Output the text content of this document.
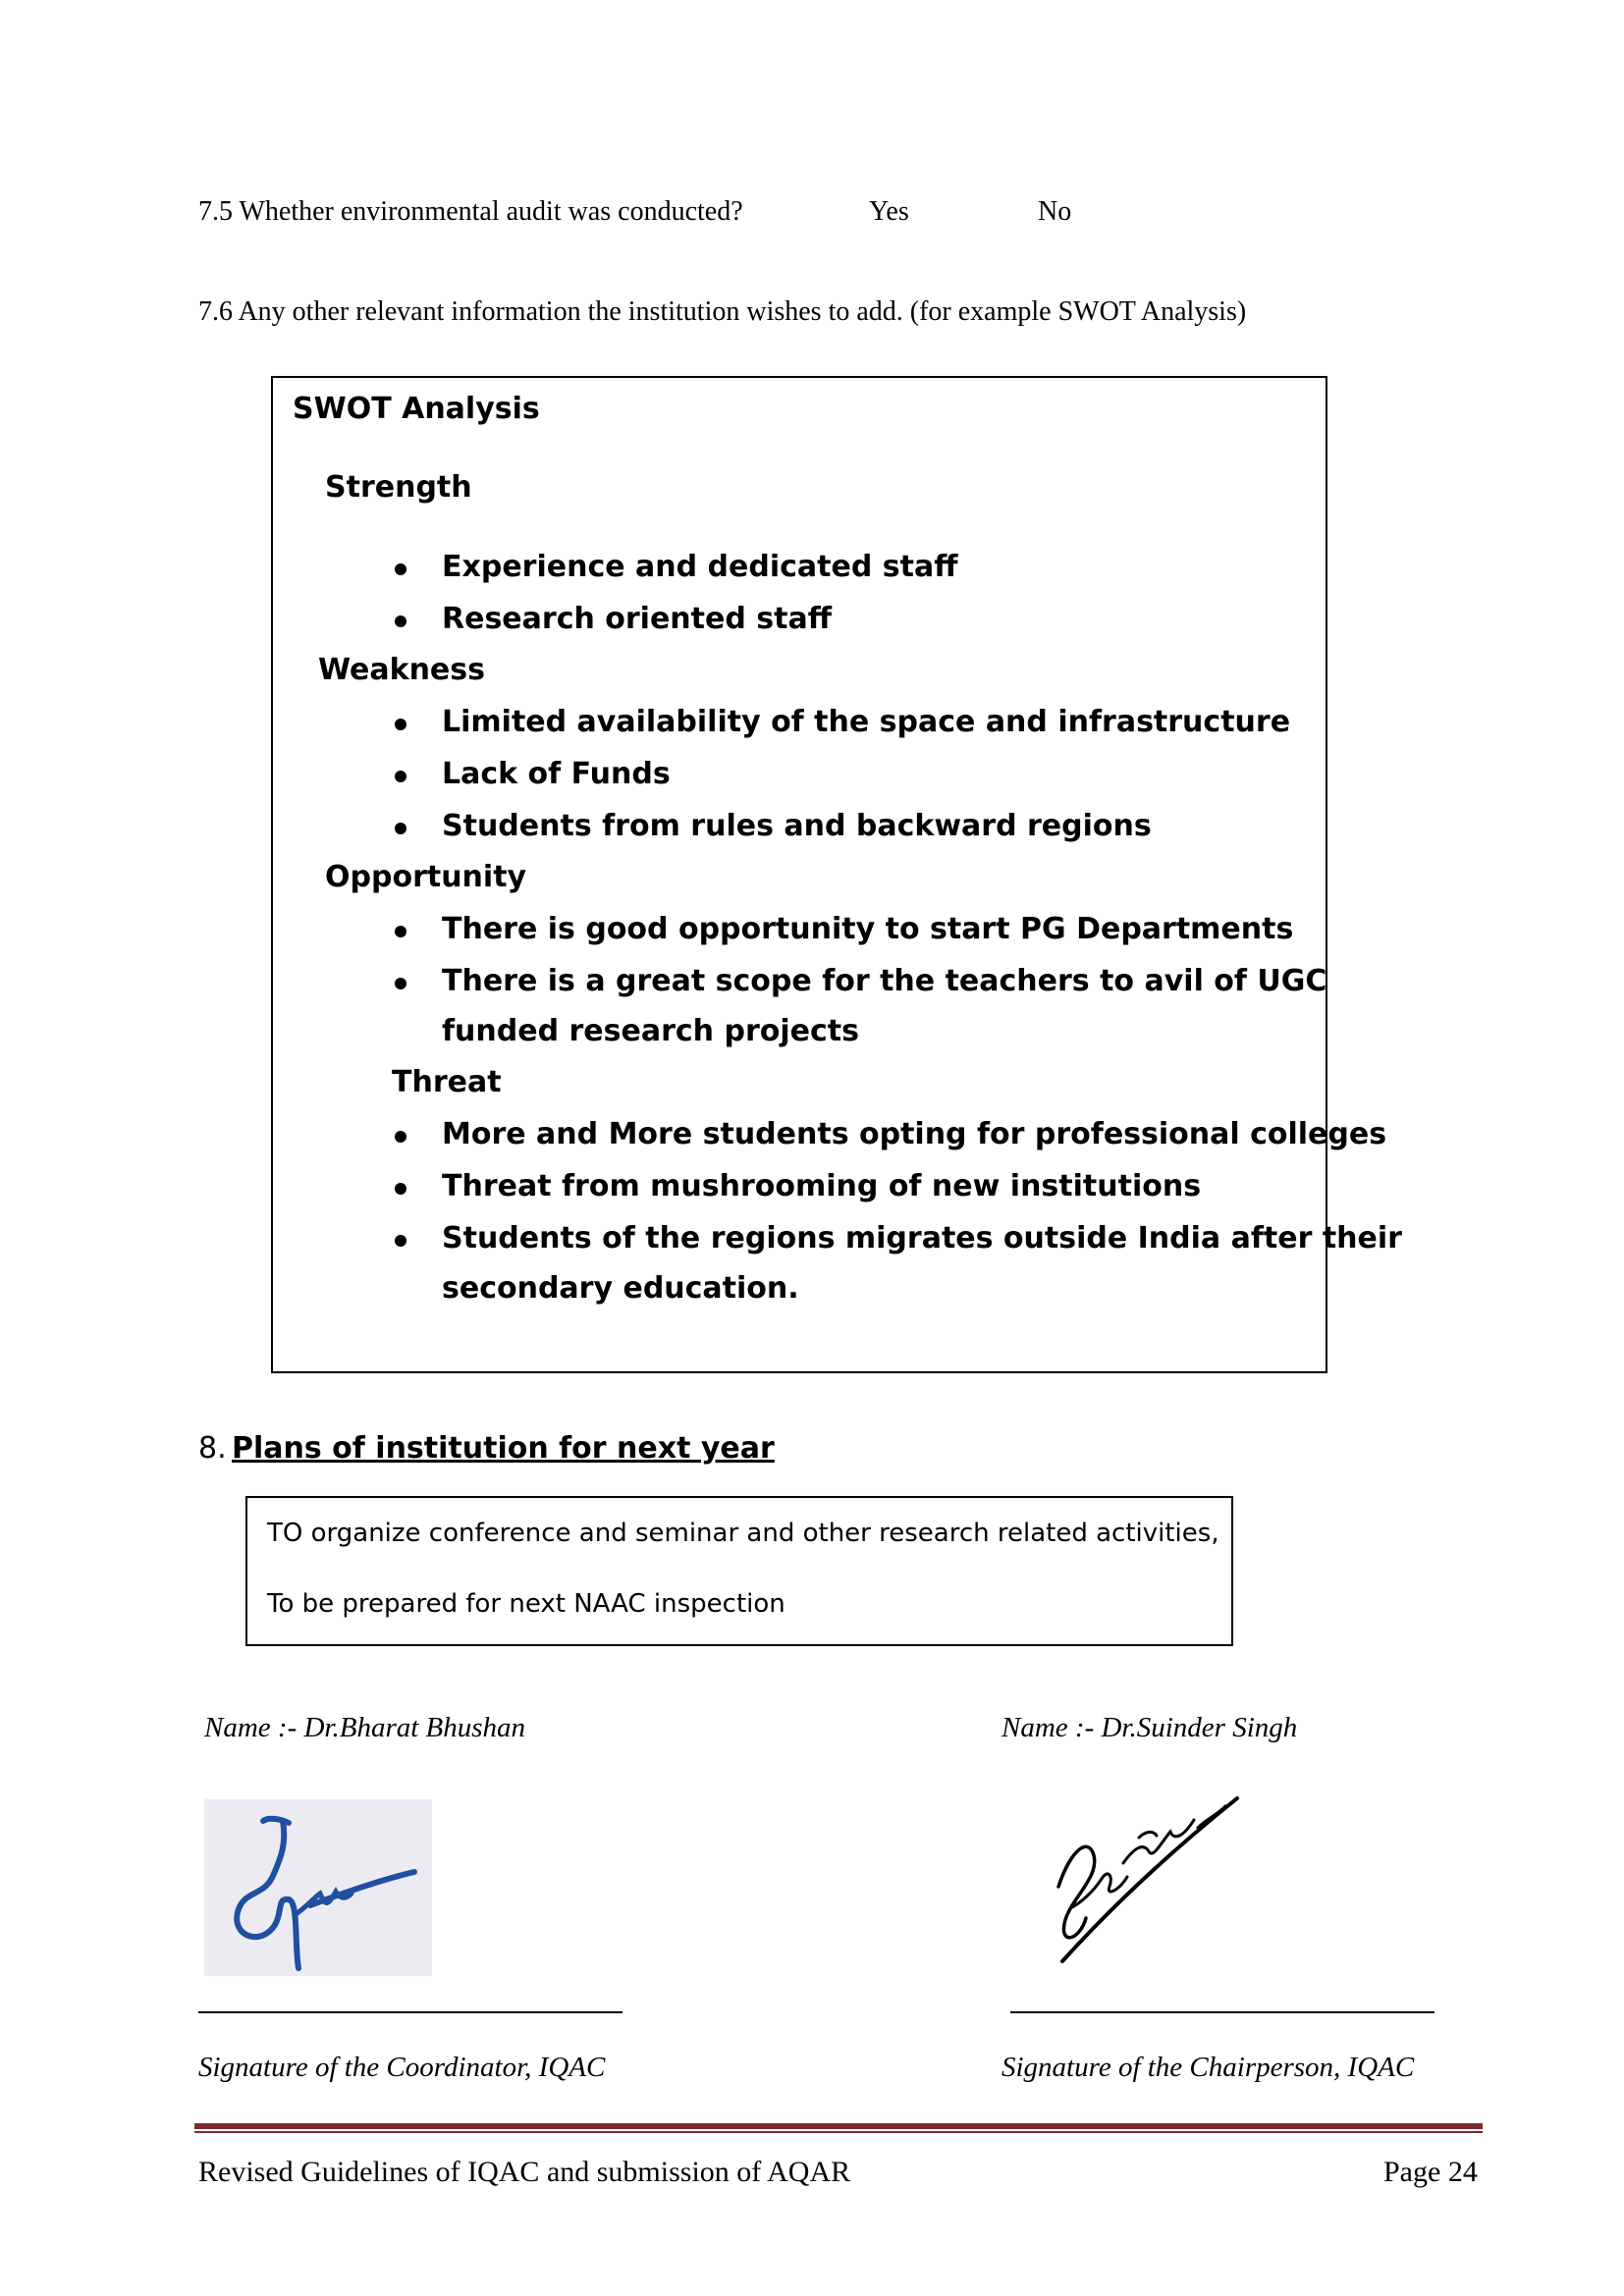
7.5 Whether environmental audit was conducted?	Yes	No
7.6 Any other relevant information the institution wishes to add. (for example SWOT Analysis)
SWOT Analysis
Strength
Experience and dedicated staff
Research oriented staff
Weakness
Limited availability of the space and infrastructure
Lack of Funds
Students from rules and backward regions
Opportunity
There is good opportunity to start PG Departments
There is a great scope for the teachers to avil of UGC
funded research projects
Threat
More and More students opting for professional colleges
Threat from mushrooming of new institutions
Students of the regions migrates outside India after their
secondary education.
8. Plans of institution for next year
TO organize conference and seminar and other research related activities,
To be prepared for next NAAC inspection
Name :- Dr.Bharat Bhushan	Name :- Dr.Suinder Singh
Signature of the Coordinator, IQAC	Signature of the Chairperson, IQAC
Revised Guidelines of IQAC and submission of AQAR	Page 24
